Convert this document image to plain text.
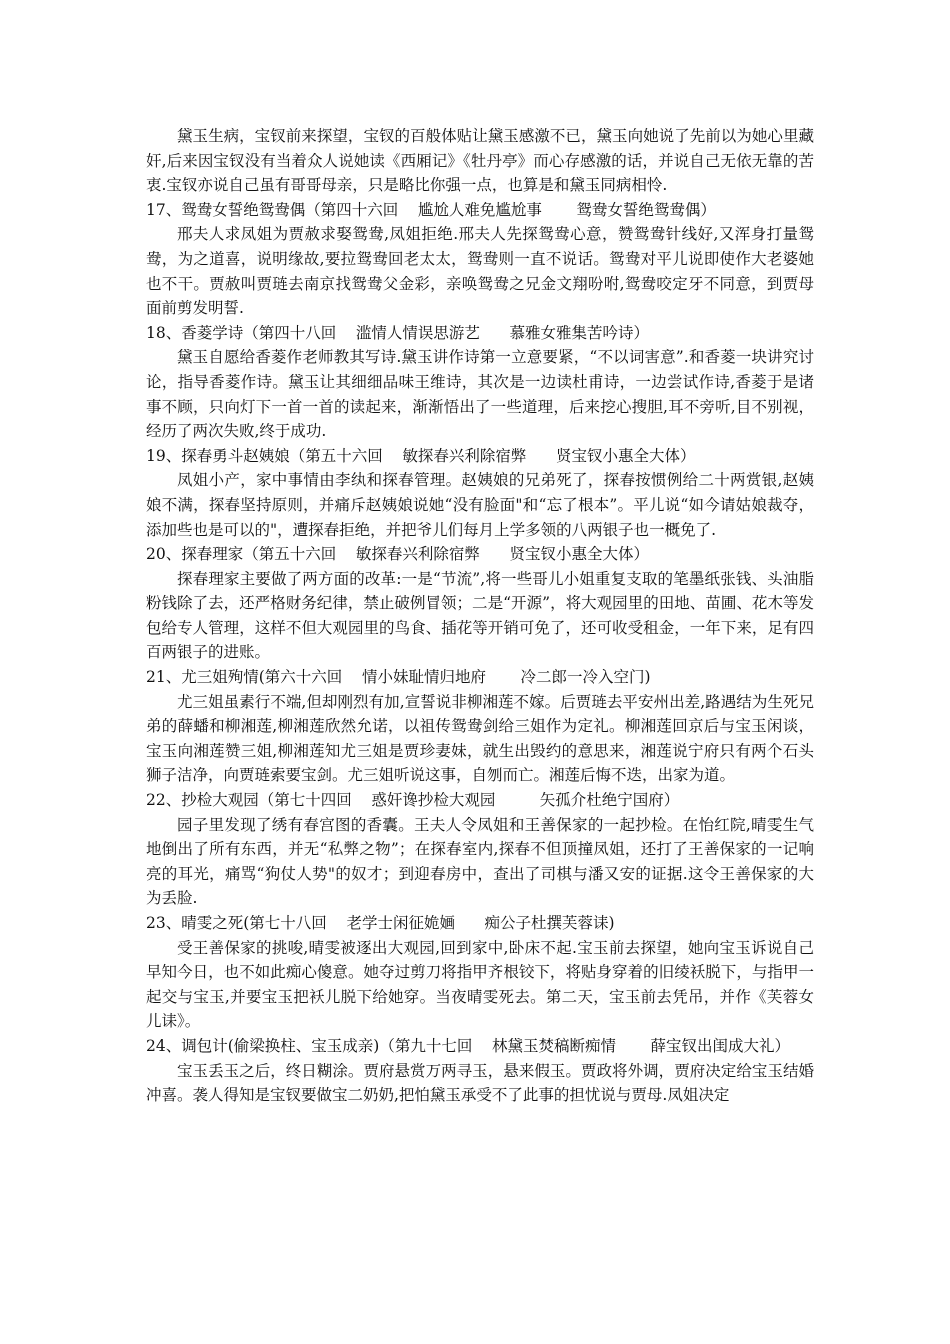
黛玉生病，宝钗前来探望，宝钗的百般体贴让黛玉感激不已，黛玉向她说了先前以为她心里藏奸,后来因宝钗没有当着众人说她读《西厢记》《牡丹亭》而心存感激的话，并说自己无依无靠的苦衷.宝钗亦说自己虽有哥哥母亲，只是略比你强一点，也算是和黛玉同病相怜.

17、鸳鸯女誓绝鸳鸯偶（第四十六回    尴尬人难免尴尬事       鸳鸯女誓绝鸳鸯偶）

邢夫人求凤姐为贾赦求娶鸳鸯,凤姐拒绝.邢夫人先探鸳鸯心意，赞鸳鸯针线好,又浑身打量鸳鸯，为之道喜，说明缘故,要拉鸳鸯回老太太，鸳鸯则一直不说话。鸳鸯对平儿说即使作大老婆她也不干。贾赦叫贾琏去南京找鸳鸯父金彩，亲唤鸳鸯之兄金文翔吩咐,鸳鸯咬定牙不同意，到贾母面前剪发明誓.

18、香菱学诗（第四十八回    滥情人情误思游艺      慕雅女雅集苦吟诗）

黛玉自愿给香菱作老师教其写诗.黛玉讲作诗第一立意要紧，“不以词害意”.和香菱一块讲究讨论，指导香菱作诗。黛玉让其细细品味王维诗，其次是一边读杜甫诗，一边尝试作诗,香菱于是诸事不顾，只向灯下一首一首的读起来，渐渐悟出了一些道理，后来挖心搜胆,耳不旁听,目不别视，经历了两次失败,终于成功.

19、探春勇斗赵姨娘（第五十六回    敏探春兴利除宿弊      贤宝钗小惠全大体）

凤姐小产，家中事情由李纨和探春管理。赵姨娘的兄弟死了，探春按惯例给二十两赏银,赵姨娘不满，探春坚持原则，并痛斥赵姨娘说她“没有脸面"和“忘了根本”。平儿说“如今请姑娘裁夺，添加些也是可以的"，遭探春拒绝，并把爷儿们每月上学多领的八两银子也一概免了.

20、探春理家（第五十六回    敏探春兴利除宿弊      贤宝钗小惠全大体）

探春理家主要做了两方面的改革:一是“节流”,将一些哥儿小姐重复支取的笔墨纸张钱、头油脂粉钱除了去，还严格财务纪律，禁止破例冒领；二是“开源”，将大观园里的田地、苗圃、花木等发包给专人管理，这样不但大观园里的鸟食、插花等开销可免了，还可收受租金，一年下来，足有四百两银子的进账。

21、尤三姐殉情(第六十六回    情小妹耻情归地府       冷二郎一冷入空门)

尤三姐虽素行不端,但却刚烈有加,宣誓说非柳湘莲不嫁。后贾琏去平安州出差,路遇结为生死兄弟的薛蟠和柳湘莲,柳湘莲欣然允诺，以祖传鸳鸯剑给三姐作为定礼。柳湘莲回京后与宝玉闲谈，宝玉向湘莲赞三姐,柳湘莲知尤三姐是贾珍妻妹，就生出毁约的意思来，湘莲说宁府只有两个石头狮子洁净，向贾琏索要宝剑。尤三姐听说这事，自刎而亡。湘莲后悔不迭，出家为道。

22、抄检大观园（第七十四回    惑奸谗抄检大观园         矢孤介杜绝宁国府）

园子里发现了绣有春宫图的香囊。王夫人令凤姐和王善保家的一起抄检。在怡红院,晴雯生气地倒出了所有东西，并无“私弊之物”；在探春室内,探春不但顶撞凤姐，还打了王善保家的一记响亮的耳光，痛骂“狗仗人势"的奴才；到迎春房中，查出了司棋与潘又安的证据.这令王善保家的大为丢脸.

23、晴雯之死(第七十八回    老学士闲征姽婳      痴公子杜撰芙蓉诔)

受王善保家的挑唆,晴雯被逐出大观园,回到家中,卧床不起.宝玉前去探望，她向宝玉诉说自己早知今日，也不如此痴心傻意。她夺过剪刀将指甲齐根铰下，将贴身穿着的旧绫袄脱下，与指甲一起交与宝玉,并要宝玉把袄儿脱下给她穿。当夜晴雯死去。第二天，宝玉前去凭吊，并作《芙蓉女儿诔》。

24、调包计(偷梁换柱、宝玉成亲)（第九十七回    林黛玉焚稿断痴情       薛宝钗出闺成大礼）

宝玉丢玉之后，终日糊涂。贾府悬赏万两寻玉，悬来假玉。贾政将外调，贾府决定给宝玉结婚冲喜。袭人得知是宝钗要做宝二奶奶,把怕黛玉承受不了此事的担忧说与贾母.凤姐决定
